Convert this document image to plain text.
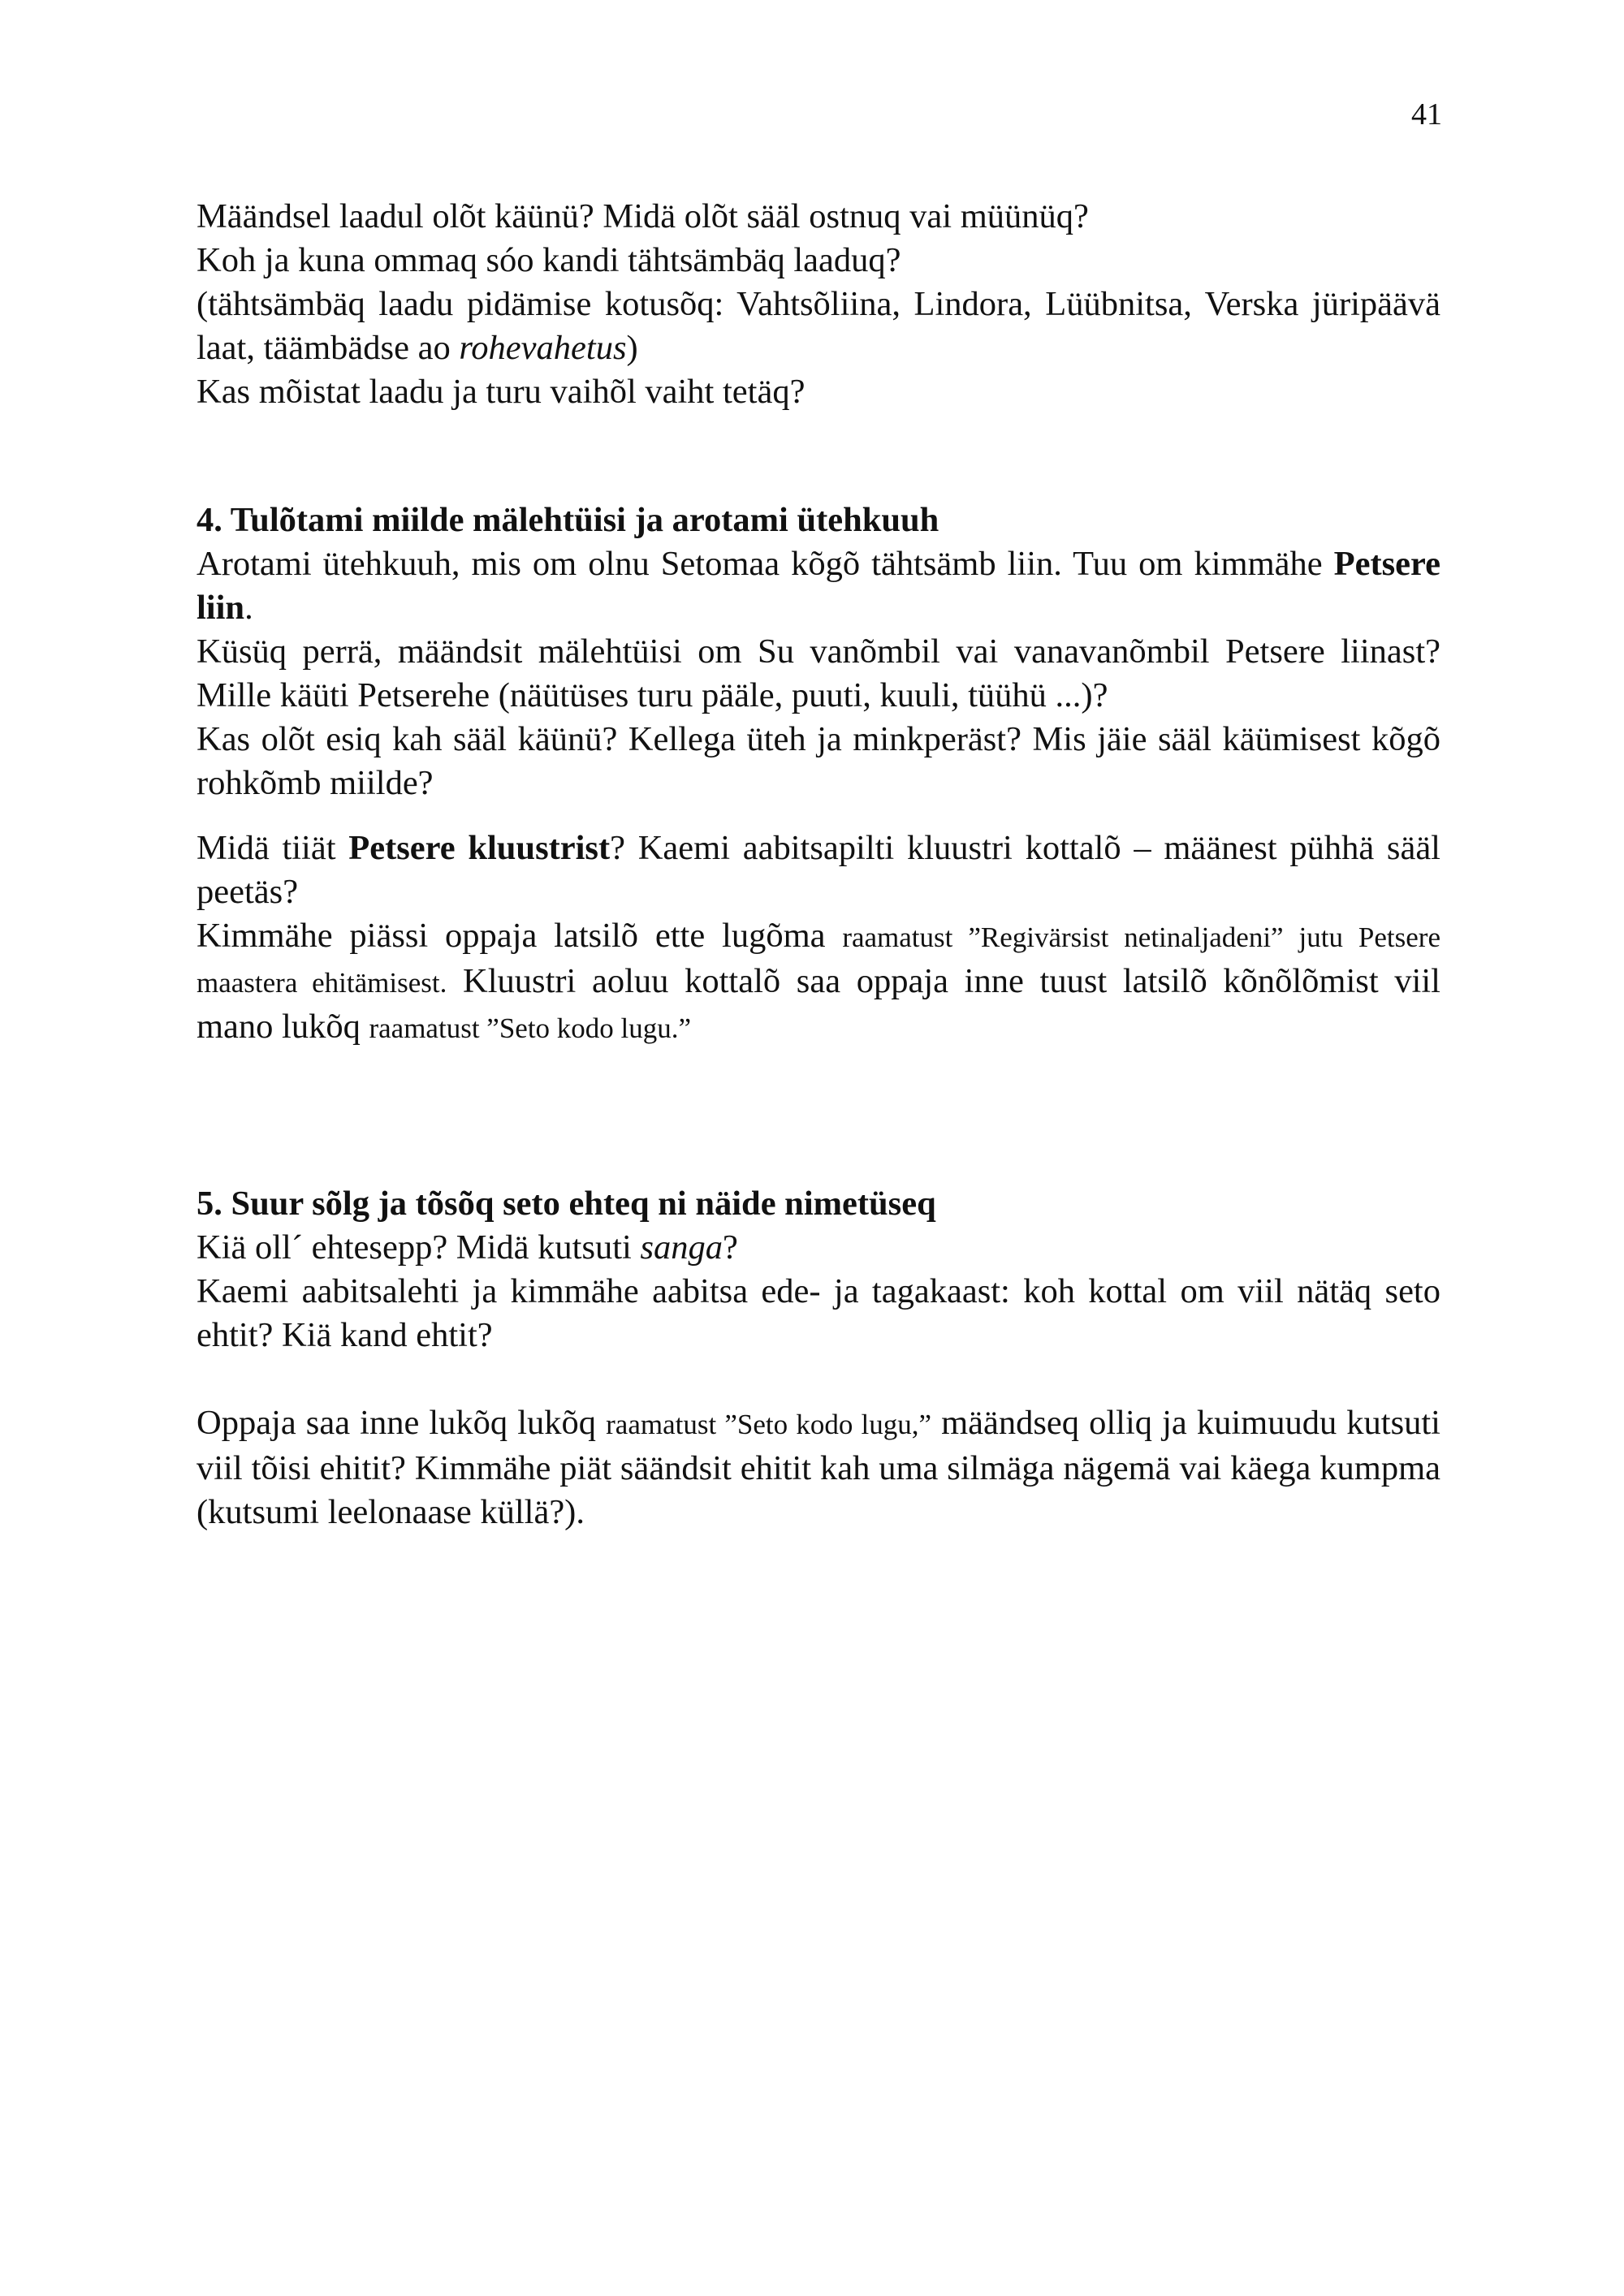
41

Määndsel laadul olõt käünü? Midä olõt sääl ostnuq vai müünüq?

Koh ja kuna ommaq sóo kandi tähtsämbäq laaduq?

(tähtsämbäq laadu pidämise kotusõq: Vahtsõliina, Lindora, Lüübnitsa, Verska jüripäävä laat, täämbädse ao rohevahetus)

Kas mõistat laadu ja turu vaihõl vaiht tetäq?

4. Tulõtami miilde mälehtüisi ja arotami ütehkuuh

Arotami ütehkuuh, mis om olnu Setomaa kõgõ tähtsämb liin. Tuu om kimmähe Petsere liin.

Küsüq perrä, määndsit mälehtüisi om Su vanõmbil vai vanavanõmbil Petsere liinast? Mille käüti Petserehe (näütüses turu pääle, puuti, kuuli, tüühü ...)?

Kas olõt esiq kah sääl käünü? Kellega üteh ja minkperäst? Mis jäie sääl käümisest kõgõ rohkõmb miilde?

Midä tiiät Petsere kluustrist? Kaemi aabitsapilti kluustri kottalõ – määnest pühhä sääl peetäs?

Kimmähe piässi oppaja latsilõ ette lugõma raamatust ”Regivärsist netinaljadeni” jutu Petsere maastera ehitämisest. Kluustri aoluu kottalõ saa oppaja inne tuust latsilõ kõnõlõmist viil mano lukõq raamatust ”Seto kodo lugu.”

5. Suur sõlg ja tõsõq seto ehteq ni näide nimetüseq

Kiä oll´ ehtesepp? Midä kutsuti sanga?

Kaemi aabitsalehti ja kimmähe aabitsa ede- ja tagakaast: koh kottal om viil nätäq seto ehtit? Kiä kand ehtit?

Oppaja saa inne lukõq lukõq raamatust ”Seto kodo lugu,” määndseq olliq ja kuimuudu kutsuti viil tõisi ehitit? Kimmähe piät säändsit ehitit kah uma silmäga nägemä vai käega kumpma (kutsumi leelonaase küllä?).
